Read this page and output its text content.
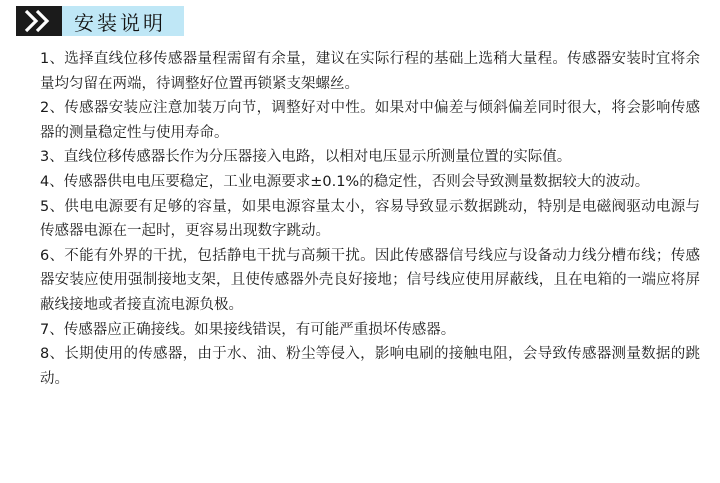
安装说明

1、选择直线位移传感器量程需留有余量，建议在实际行程的基础上选稍大量程。传感器安装时宜将余量均匀留在两端，待调整好位置再锁紧支架螺丝。

2、传感器安装应注意加装万向节，调整好对中性。如果对中偏差与倾斜偏差同时很大，将会影响传感器的测量稳定性与使用寿命。

3、直线位移传感器长作为分压器接入电路，以相对电压显示所测量位置的实际值。

4、传感器供电电压要稳定，工业电源要求±0.1%的稳定性，否则会导致测量数据较大的波动。

5、供电电源要有足够的容量，如果电源容量太小，容易导致显示数据跳动，特别是电磁阀驱动电源与传感器电源在一起时，更容易出现数字跳动。

6、不能有外界的干扰，包括静电干扰与高频干扰。因此传感器信号线应与设备动力线分槽布线；传感器安装应使用强制接地支架，且使传感器外壳良好接地；信号线应使用屏蔽线，且在电箱的一端应将屏蔽线接地或者接直流电源负极。

7、传感器应正确接线。如果接线错误，有可能严重损坏传感器。

8、长期使用的传感器，由于水、油、粉尘等侵入，影响电刷的接触电阻，会导致传感器测量数据的跳动。
